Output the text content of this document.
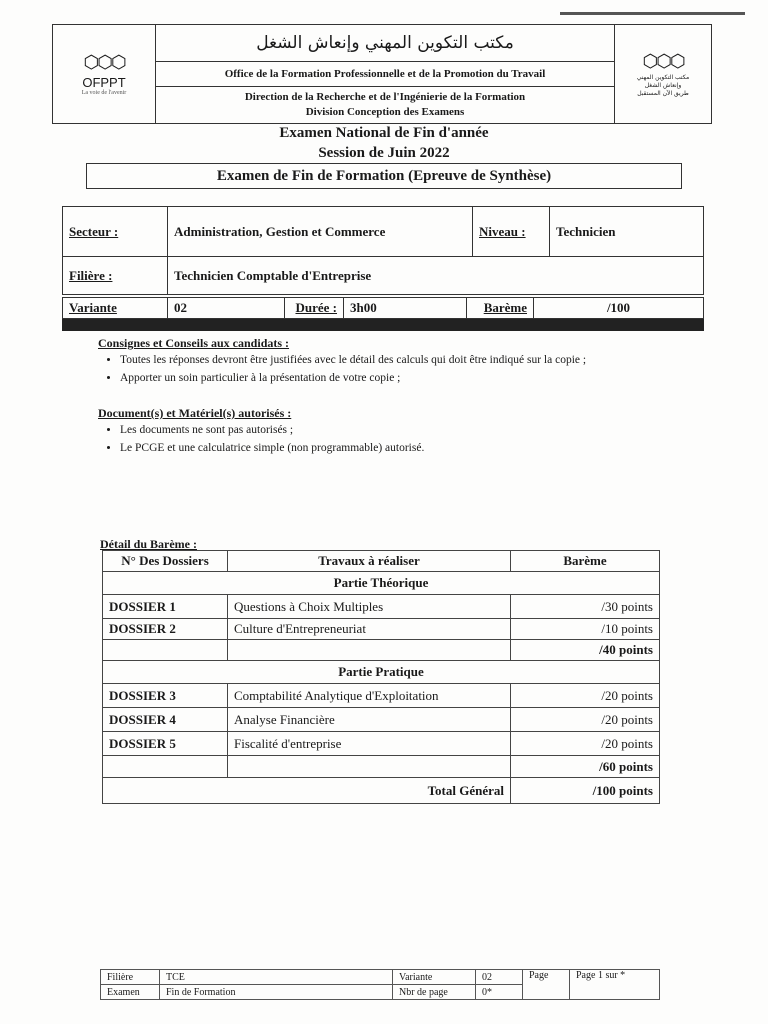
⬡⬡⬡
OFPPT
La voie de l'avenir
مكتب التكوين المهني وإنعاش الشغل
Office de la Formation Professionnelle et de la Promotion du Travail
Direction de la Recherche et de l'Ingénierie de la Formation
Division Conception des Examens
⬡⬡⬡
مكتب التكوين المهني
وإنعاش الشغل
طريق الآن المستقبل
Examen National de Fin d'année
Session de Juin 2022
Examen de Fin de Formation (Epreuve de Synthèse)
Secteur :	Administration, Gestion et Commerce	Niveau :	Technicien
Filière :	Technicien Comptable d'Entreprise		
Variante	02	Durée :	3h00	Barème	/100
Consignes et Conseils aux candidats :
• Toutes les réponses devront être justifiées avec le détail des calculs qui doit être indiqué sur la copie ;
• Apporter un soin particulier à la présentation de votre copie ;
Document(s) et Matériel(s) autorisés :
• Les documents ne sont pas autorisés ;
• Le PCGE et une calculatrice simple (non programmable) autorisé.
Détail du Barème :
N° Des Dossiers	Travaux à réaliser	Barème
Partie Théorique		
DOSSIER 1	Questions à Choix Multiples	/30 points
DOSSIER 2	Culture d'Entrepreneuriat	/10 points
		/40 points
Partie Pratique		
DOSSIER 3	Comptabilité Analytique d'Exploitation	/20 points
DOSSIER 4	Analyse Financière	/20 points
DOSSIER 5	Fiscalité d'entreprise	/20 points
		/60 points
Total Général		/100 points
Filière	TCE	Variante	02	Page	Page 1 sur *
Examen	Fin de Formation	Nbr de page	0*		
